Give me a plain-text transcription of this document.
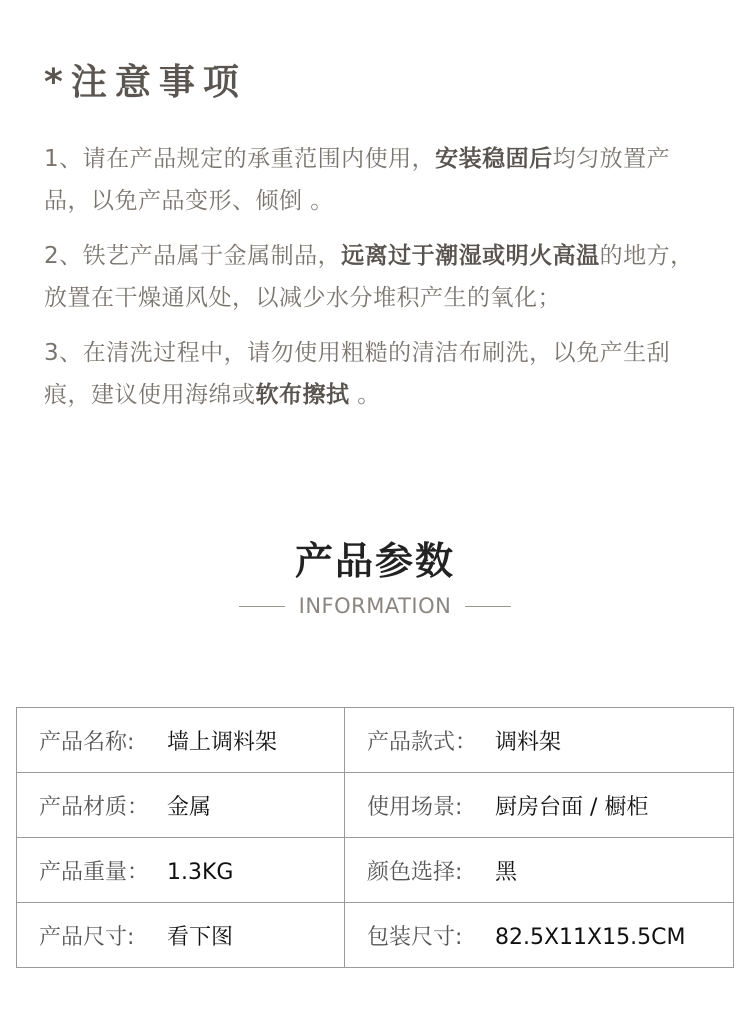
*注意事项
1、请在产品规定的承重范围内使用，安装稳固后均匀放置产品，以免产品变形、倾倒 。
2、铁艺产品属于金属制品，远离过于潮湿或明火高温的地方，放置在干燥通风处，以减少水分堆积产生的氧化；
3、在清洗过程中，请勿使用粗糙的清洁布刷洗，以免产生刮痕，建议使用海绵或软布擦拭 。
产品参数
INFORMATION
产品名称: 墙上调料架	产品款式： 调料架
产品材质： 金属	使用场景: 厨房台面 / 橱柜
产品重量： 1.3KG	颜色选择: 黑
产品尺寸: 看下图	包装尺寸: 82.5X11X15.5CM
